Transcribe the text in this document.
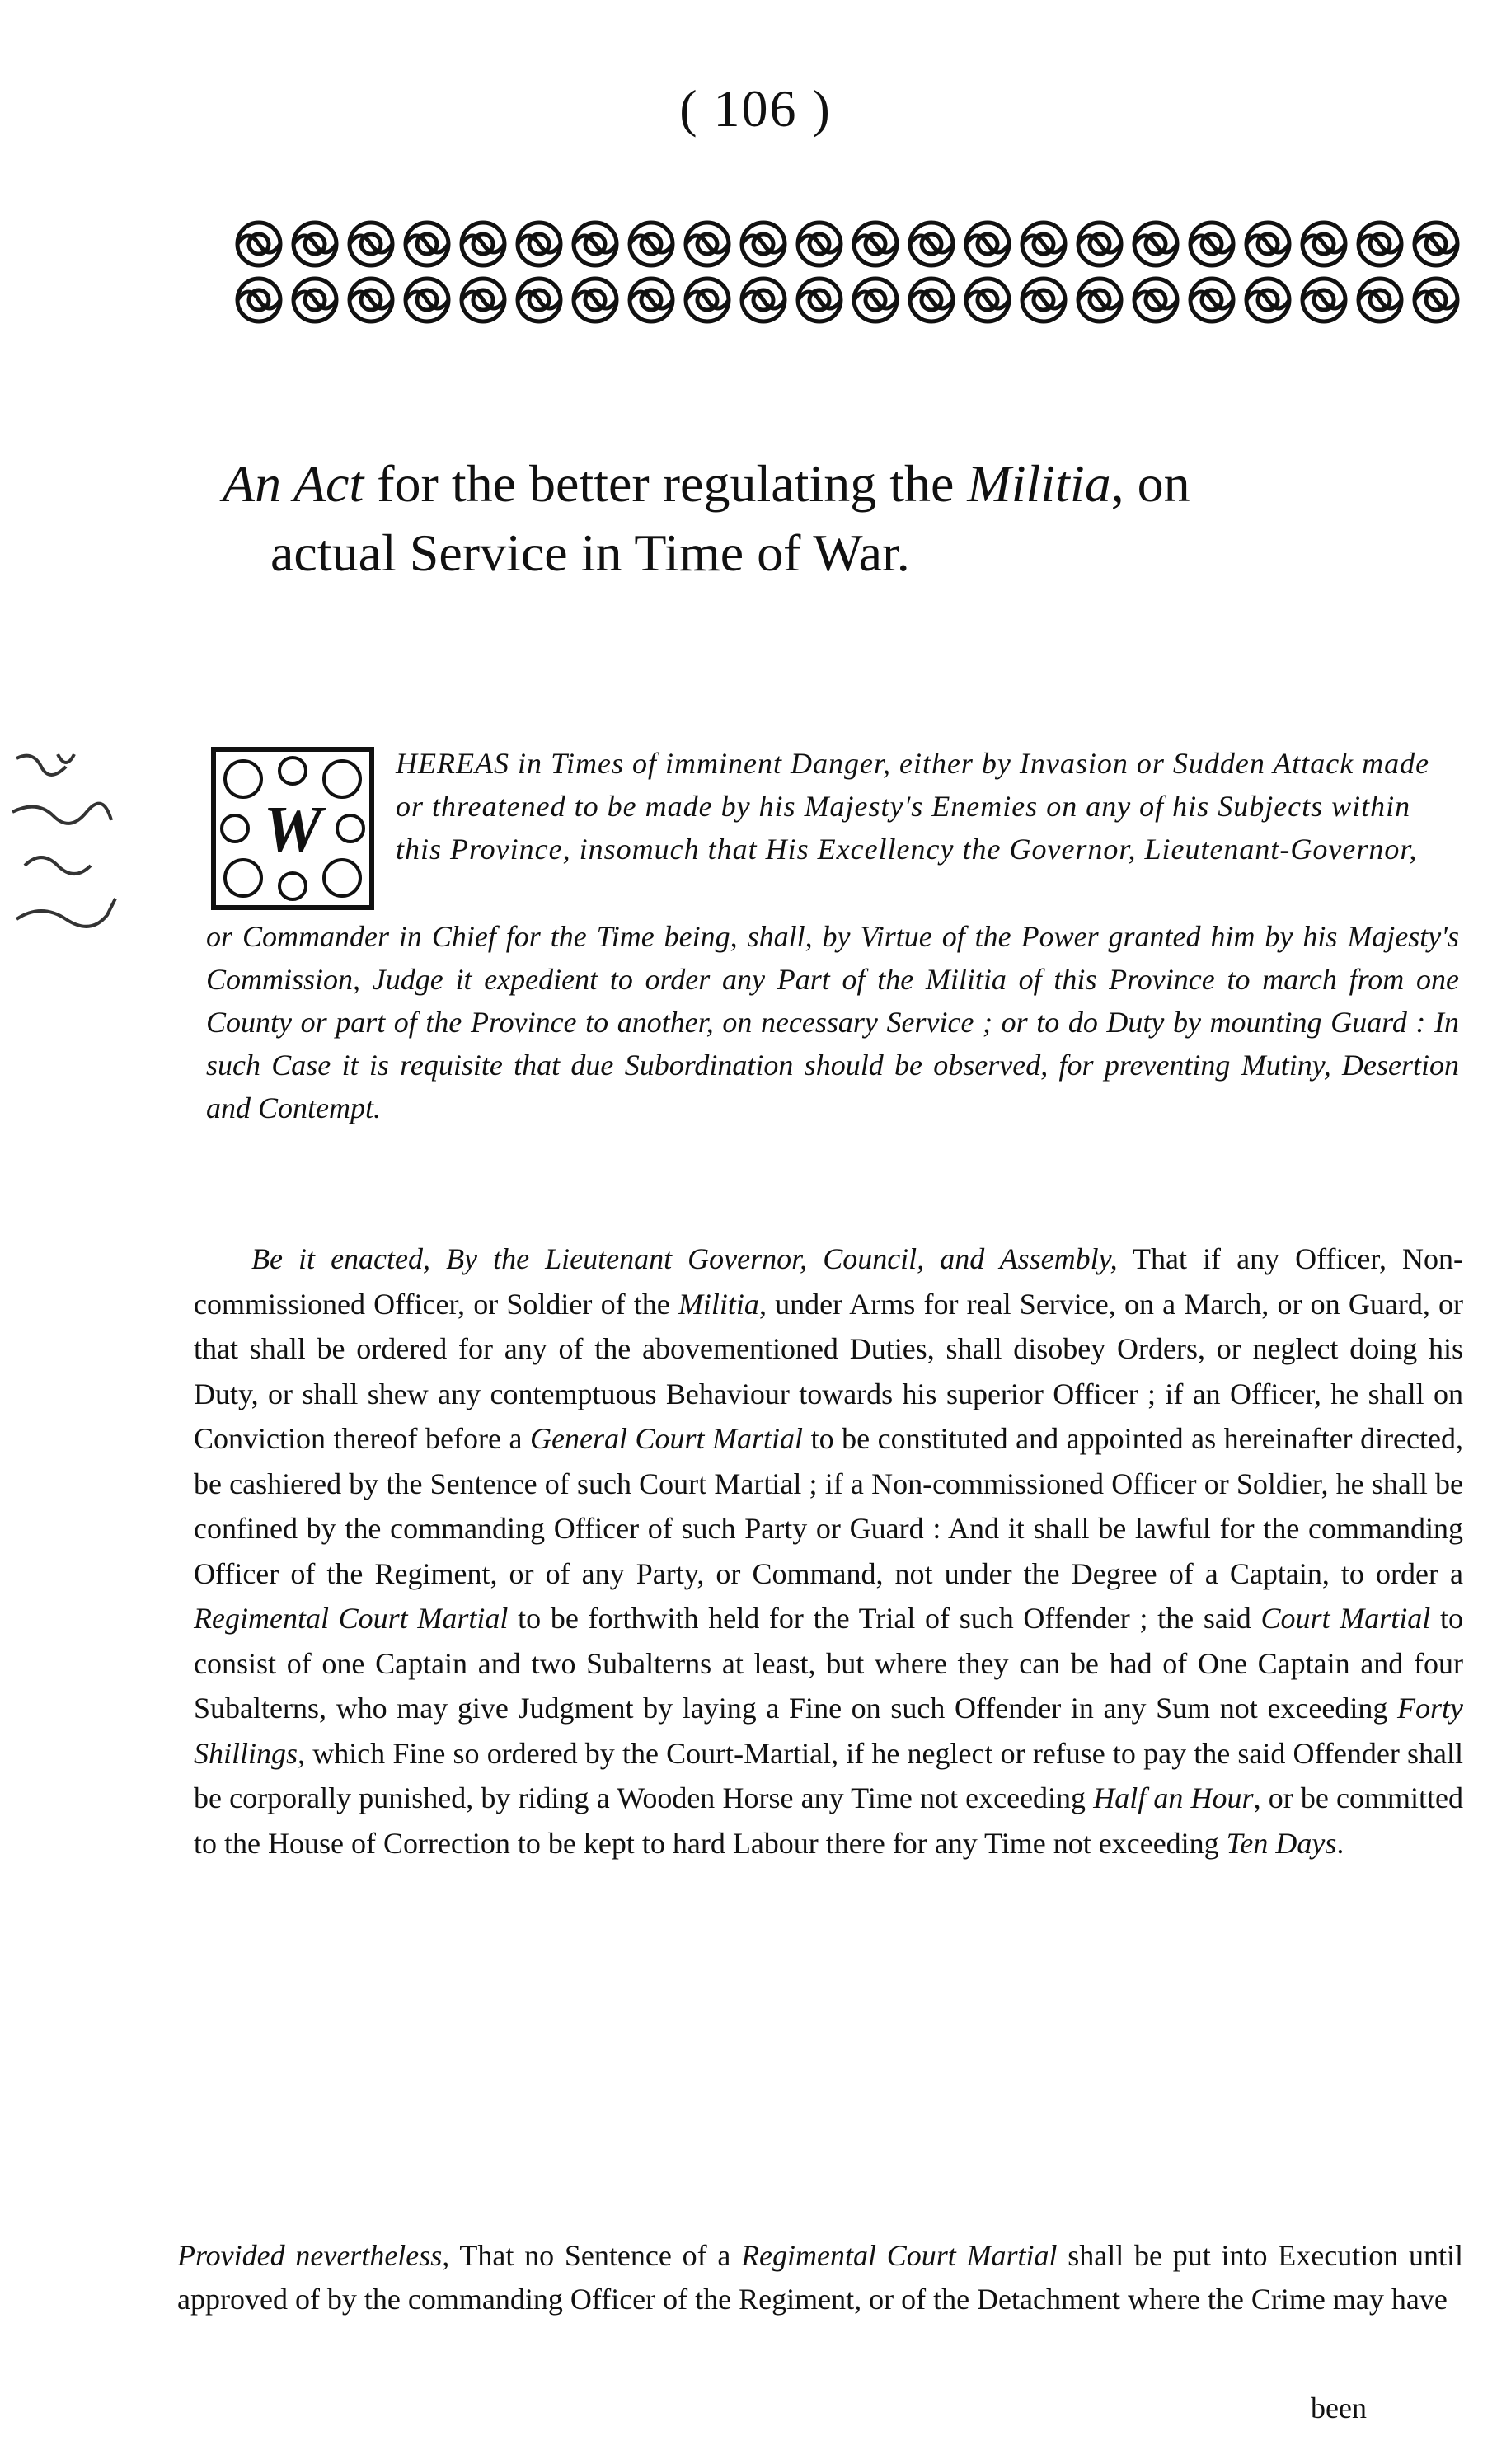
( 106 )
An Act for the better regulating the Militia, on
actual Service in Time of War.
W
HEREAS in Times of imminent Danger, either by Invasion or Sudden Attack made or threatened to be made by his Majesty's Enemies on any of his Subjects within this Province, insomuch that His Excellency the Governor, Lieutenant-Governor,
or Commander in Chief for the Time being, shall, by Virtue of the Power granted him by his Majesty's Commission, Judge it expedient to order any Part of the Militia of this Province to march from one County or part of the Province to another, on necessary Service ; or to do Duty by mounting Guard : In such Case it is requisite that due Subordination should be observed, for preventing Mutiny, Desertion and Contempt.
Be it enacted, By the Lieutenant Governor, Council, and Assembly, That if any Officer, Non-commissioned Officer, or Soldier of the Militia, under Arms for real Service, on a March, or on Guard, or that shall be ordered for any of the abovementioned Duties, shall disobey Orders, or neglect doing his Duty, or shall shew any contemptuous Behaviour towards his superior Officer ; if an Officer, he shall on Conviction thereof before a General Court Martial to be constituted and appointed as hereinafter directed, be cashiered by the Sentence of such Court Martial ; if a Non-commissioned Officer or Soldier, he shall be confined by the commanding Officer of such Party or Guard : And it shall be lawful for the commanding Officer of the Regiment, or of any Party, or Command, not under the Degree of a Captain, to order a Regimental Court Martial to be forthwith held for the Trial of such Offender ; the said Court Martial to consist of one Captain and two Subalterns at least, but where they can be had of One Captain and four Subalterns, who may give Judgment by laying a Fine on such Offender in any Sum not exceeding Forty Shillings, which Fine so ordered by the Court-Martial, if he neglect or refuse to pay the said Offender shall be corporally punished, by riding a Wooden Horse any Time not exceeding Half an Hour, or be committed to the House of Correction to be kept to hard Labour there for any Time not exceeding Ten Days.
Provided nevertheless, That no Sentence of a Regimental Court Martial shall be put into Execution until approved of by the commanding Officer of the Regiment, or of the Detachment where the Crime may have
been
